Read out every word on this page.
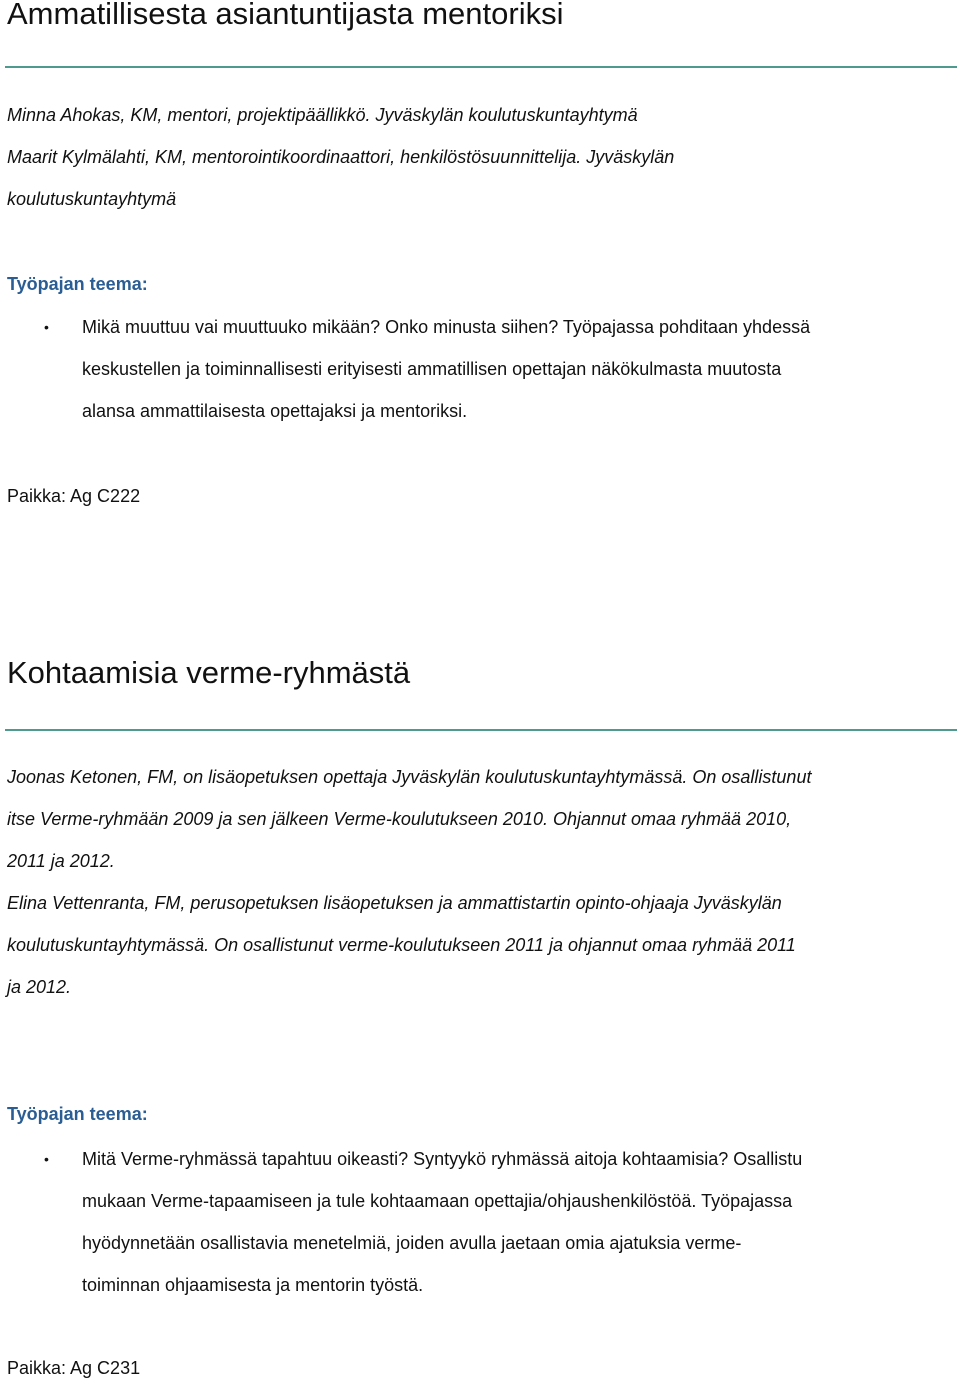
Ammatillisesta asiantuntijasta mentoriksi
Minna Ahokas, KM, mentori, projektipäällikkö. Jyväskylän koulutuskuntayhtymä
Maarit Kylmälahti, KM, mentorointikoordinaattori, henkilöstösuunnittelija. Jyväskylän
koulutuskuntayhtymä

Työpajan teema:

• Mikä muuttuu vai muuttuuko mikään? Onko minusta siihen? Työpajassa pohditaan yhdessä
keskustellen ja toiminnallisesti erityisesti ammatillisen opettajan näkökulmasta muutosta
alansa ammattilaisesta opettajaksi ja mentoriksi.

Paikka: Ag C222

Kohtaamisia verme-ryhmästä
Joonas Ketonen, FM, on lisäopetuksen opettaja Jyväskylän koulutuskuntayhtymässä. On osallistunut
itse Verme-ryhmään 2009 ja sen jälkeen Verme-koulutukseen 2010. Ohjannut omaa ryhmää 2010,
2011 ja 2012.
Elina Vettenranta, FM, perusopetuksen lisäopetuksen ja ammattistartin opinto-ohjaaja Jyväskylän
koulutuskuntayhtymässä. On osallistunut verme-koulutukseen 2011 ja ohjannut omaa ryhmää 2011
ja 2012.

Työpajan teema:

• Mitä Verme-ryhmässä tapahtuu oikeasti? Syntyykö ryhmässä aitoja kohtaamisia? Osallistu
mukaan Verme-tapaamiseen ja tule kohtaamaan opettajia/ohjaushenkilöstöä. Työpajassa
hyödynnetään osallistavia menetelmiä, joiden avulla jaetaan omia ajatuksia verme-
toiminnan ohjaamisesta ja mentorin työstä.

Paikka: Ag C231
